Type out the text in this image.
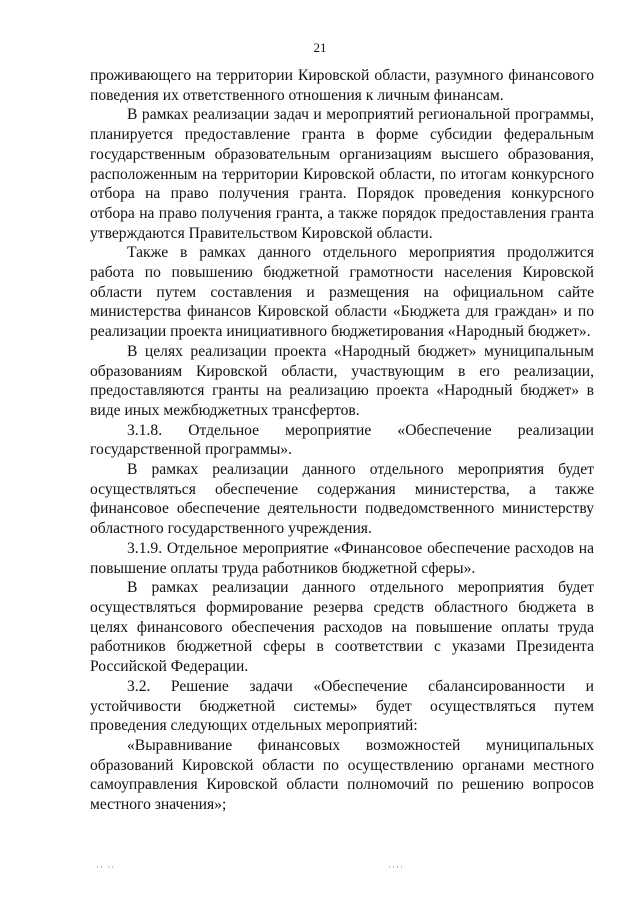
21

проживающего на территории Кировской области, разумного финансового поведения их ответственного отношения к личным финансам.

В рамках реализации задач и мероприятий региональной программы, планируется предоставление гранта в форме субсидии федеральным государственным образовательным организациям высшего образования, расположенным на территории Кировской области, по итогам конкурсного отбора на право получения гранта. Порядок проведения конкурсного отбора на право получения гранта, а также порядок предоставления гранта утверждаются Правительством Кировской области.

Также в рамках данного отдельного мероприятия продолжится работа по повышению бюджетной грамотности населения Кировской области путем составления и размещения на официальном сайте министерства финансов Кировской области «Бюджета для граждан» и по реализации проекта инициативного бюджетирования «Народный бюджет».

В целях реализации проекта «Народный бюджет» муниципальным образованиям Кировской области, участвующим в его реализации, предоставляются гранты на реализацию проекта «Народный бюджет» в виде иных межбюджетных трансфертов.

3.1.8. Отдельное мероприятие «Обеспечение реализации государственной программы».

В рамках реализации данного отдельного мероприятия будет осуществляться обеспечение содержания министерства, а также финансовое обеспечение деятельности подведомственного министерству областного государственного учреждения.

3.1.9. Отдельное мероприятие «Финансовое обеспечение расходов на повышение оплаты труда работников бюджетной сферы».

В рамках реализации данного отдельного мероприятия будет осуществляться формирование резерва средств областного бюджета в целях финансового обеспечения расходов на повышение оплаты труда работников бюджетной сферы в соответствии с указами Президента Российской Федерации.

3.2. Решение задачи «Обеспечение сбалансированности и устойчивости бюджетной системы» будет осуществляться путем проведения следующих отдельных мероприятий:

«Выравнивание финансовых возможностей муниципальных образований Кировской области по осуществлению органами местного самоуправления Кировской области полномочий по решению вопросов местного значения»;

·· ··	····
